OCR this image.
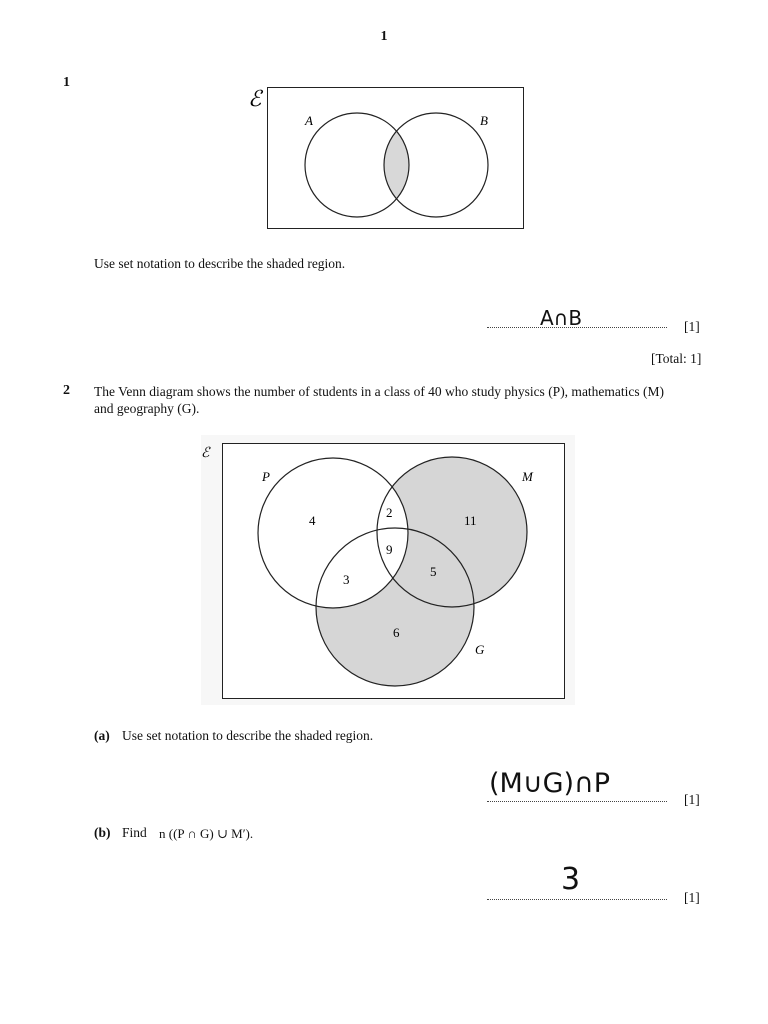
1
1
ℰ
A	B
Use set notation to describe the shaded region.
A∩B	[1]
[Total: 1]
2 The Venn diagram shows the number of students in a class of 40 who study physics (P), mathematics (M)
and geography (G).
ℰ
P	M
G
4
2
11
9
3
5
6
(a) Use set notation to describe the shaded region.
(M∪G)∩P
[1]
(b) Find n ((P ∩ G) ∪ M′).
3
[1]
